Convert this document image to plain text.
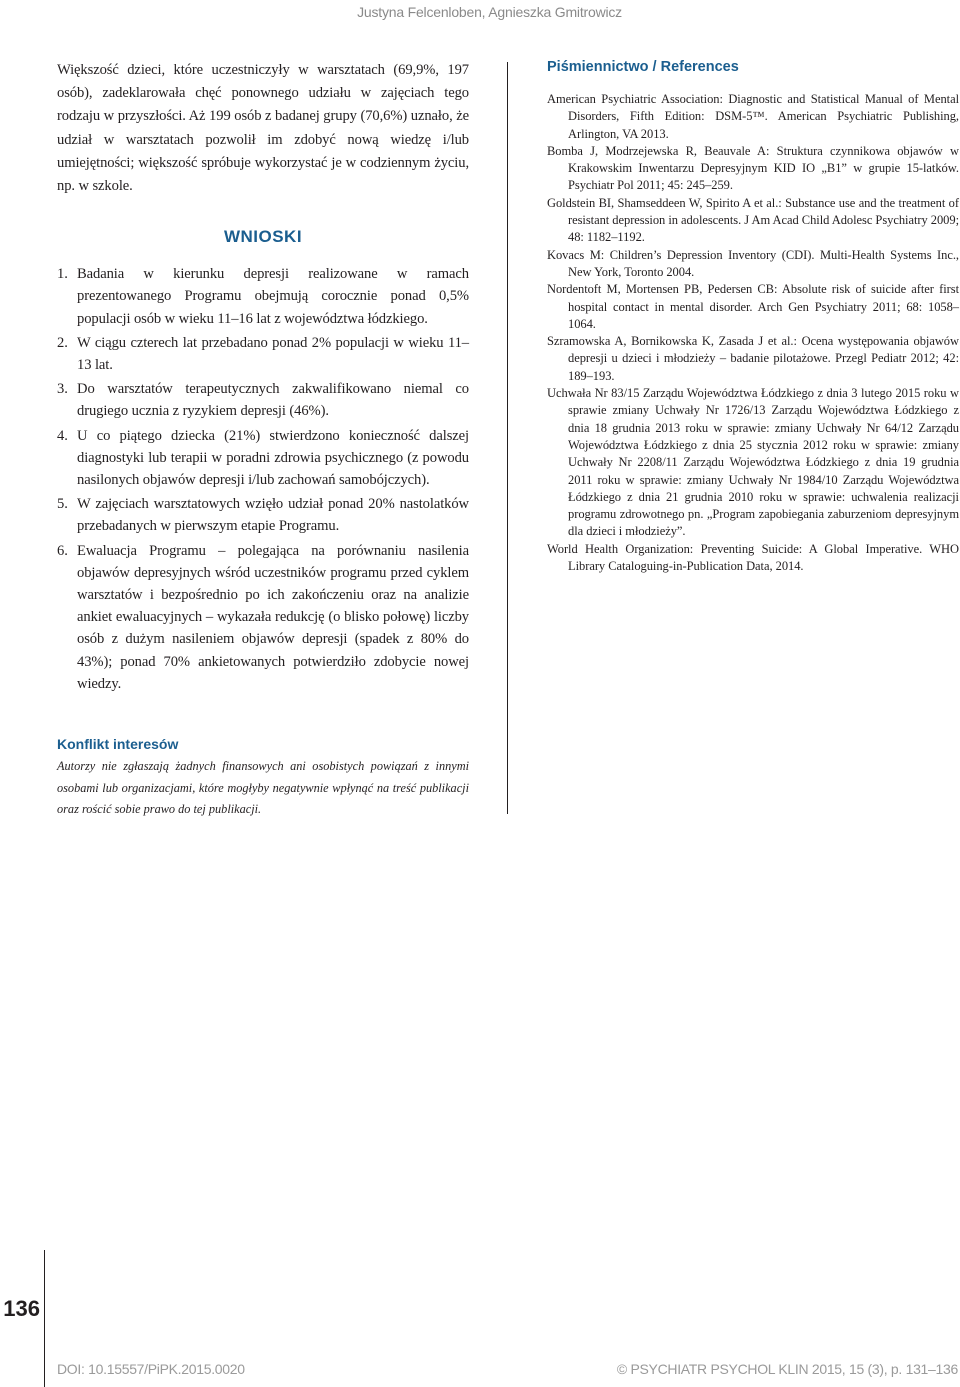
Justyna Felcenloben, Agnieszka Gmitrowicz

Większość dzieci, które uczestniczyły w warsztatach (69,9%, 197 osób), zadeklarowała chęć ponownego udziału w zajęciach tego rodzaju w przyszłości. Aż 199 osób z badanej grupy (70,6%) uznało, że udział w warsztatach pozwolił im zdobyć nową wiedzę i/lub umiejętności; większość spróbuje wykorzystać je w codziennym życiu, np. w szkole.

WNIOSKI
1. Badania w kierunku depresji realizowane w ramach prezentowanego Programu obejmują corocznie ponad 0,5% populacji osób w wieku 11–16 lat z województwa łódzkiego.
2. W ciągu czterech lat przebadano ponad 2% populacji w wieku 11–13 lat.
3. Do warsztatów terapeutycznych zakwalifikowano niemal co drugiego ucznia z ryzykiem depresji (46%).
4. U co piątego dziecka (21%) stwierdzono konieczność dalszej diagnostyki lub terapii w poradni zdrowia psychicznego (z powodu nasilonych objawów depresji i/lub zachowań samobójczych).
5. W zajęciach warsztatowych wzięło udział ponad 20% nastolatków przebadanych w pierwszym etapie Programu.
6. Ewaluacja Programu – polegająca na porównaniu nasilenia objawów depresyjnych wśród uczestników programu przed cyklem warsztatów i bezpośrednio po ich zakończeniu oraz na analizie ankiet ewaluacyjnych – wykazała redukcję (o blisko połowę) liczby osób z dużym nasileniem objawów depresji (spadek z 80% do 43%); ponad 70% ankietowanych potwierdziło zdobycie nowej wiedzy.
Piśmiennictwo / References
American Psychiatric Association: Diagnostic and Statistical Manual of Mental Disorders, Fifth Edition: DSM-5™. American Psychiatric Publishing, Arlington, VA 2013.
Bomba J, Modrzejewska R, Beauvale A: Struktura czynnikowa objawów w Krakowskim Inwentarzu Depresyjnym KID IO „B1” w grupie 15-latków. Psychiatr Pol 2011; 45: 245–259.
Goldstein BI, Shamseddeen W, Spirito A et al.: Substance use and the treatment of resistant depression in adolescents. J Am Acad Child Adolesc Psychiatry 2009; 48: 1182–1192.
Kovacs M: Children’s Depression Inventory (CDI). Multi-Health Systems Inc., New York, Toronto 2004.
Nordentoft M, Mortensen PB, Pedersen CB: Absolute risk of suicide after first hospital contact in mental disorder. Arch Gen Psychiatry 2011; 68: 1058–1064.
Szramowska A, Bornikowska K, Zasada J et al.: Ocena występowania objawów depresji u dzieci i młodzieży – badanie pilotażowe. Przegl Pediatr 2012; 42: 189–193.
Uchwała Nr 83/15 Zarządu Województwa Łódzkiego z dnia 3 lutego 2015 roku w sprawie zmiany Uchwały Nr 1726/13 Zarządu Województwa Łódzkiego z dnia 18 grudnia 2013 roku w sprawie: zmiany Uchwały Nr 64/12 Zarządu Województwa Łódzkiego z dnia 25 stycznia 2012 roku w sprawie: zmiany Uchwały Nr 2208/11 Zarządu Województwa Łódzkiego z dnia 19 grudnia 2011 roku w sprawie: zmiany Uchwały Nr 1984/10 Zarządu Województwa Łódzkiego z dnia 21 grudnia 2010 roku w sprawie: uchwalenia realizacji programu zdrowotnego pn. „Program zapobiegania zaburzeniom depresyjnym dla dzieci i młodzieży”.
World Health Organization: Preventing Suicide: A Global Imperative. WHO Library Cataloguing-in-Publication Data, 2014.
Konflikt interesów

Autorzy nie zgłaszają żadnych finansowych ani osobistych powiązań z innymi osobami lub organizacjami, które mogłyby negatywnie wpłynąć na treść publikacji oraz rościć sobie prawo do tej publikacji.

136
DOI: 10.15557/PiPK.2015.0020	© PSYCHIATR PSYCHOL KLIN 2015, 15 (3), p. 131–136
